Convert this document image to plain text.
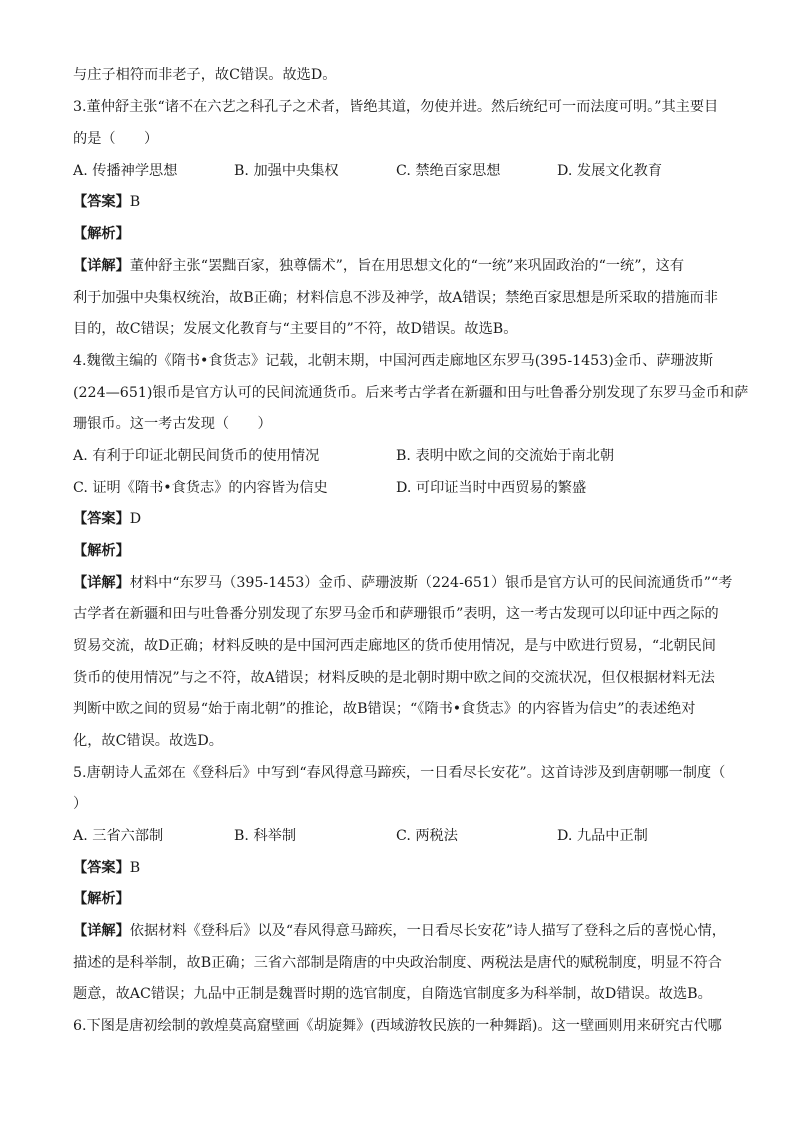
与庄子相符而非老子，故C错误。故选D。
3.董仲舒主张“诸不在六艺之科孔子之术者，皆绝其道，勿使并进。然后统纪可一而法度可明。”其主要目
的是（　　）
A. 传播神学思想	B. 加强中央集权	C. 禁绝百家思想	D. 发展文化教育
【答案】B
【解析】
【详解】董仲舒主张“罢黜百家，独尊儒术”，旨在用思想文化的“一统”来巩固政治的“一统”，这有
利于加强中央集权统治，故B正确；材料信息不涉及神学，故A错误；禁绝百家思想是所采取的措施而非
目的，故C错误；发展文化教育与“主要目的”不符，故D错误。故选B。
4.魏徵主编的《隋书•食货志》记载，北朝末期，中国河西走廊地区东罗马(395-1453)金币、萨珊波斯
(224—651)银币是官方认可的民间流通货币。后来考古学者在新疆和田与吐鲁番分别发现了东罗马金币和萨
珊银币。这一考古发现（　　）
A. 有利于印证北朝民间货币的使用情况	B. 表明中欧之间的交流始于南北朝
C. 证明《隋书•食货志》的内容皆为信史	D. 可印证当时中西贸易的繁盛
【答案】D
【解析】
【详解】材料中“东罗马（395-1453）金币、萨珊波斯（224-651）银币是官方认可的民间流通货币”“考
古学者在新疆和田与吐鲁番分别发现了东罗马金币和萨珊银币”表明，这一考古发现可以印证中西之际的
贸易交流，故D正确；材料反映的是中国河西走廊地区的货币使用情况，是与中欧进行贸易，“北朝民间
货币的使用情况”与之不符，故A错误；材料反映的是北朝时期中欧之间的交流状况，但仅根据材料无法
判断中欧之间的贸易“始于南北朝”的推论，故B错误；“《隋书•食货志》的内容皆为信史”的表述绝对
化，故C错误。故选D。
5.唐朝诗人孟郊在《登科后》中写到“春风得意马蹄疾，一日看尽长安花”。这首诗涉及到唐朝哪一制度（
）
A. 三省六部制	B. 科举制	C. 两税法	D. 九品中正制
【答案】B
【解析】
【详解】依据材料《登科后》以及“春风得意马蹄疾，一日看尽长安花”诗人描写了登科之后的喜悦心情，
描述的是科举制，故B正确；三省六部制是隋唐的中央政治制度、两税法是唐代的赋税制度，明显不符合
题意，故AC错误；九品中正制是魏晋时期的选官制度，自隋选官制度多为科举制，故D错误。故选B。
6.下图是唐初绘制的敦煌莫高窟壁画《胡旋舞》(西域游牧民族的一种舞蹈)。这一壁画则用来研究古代哪
